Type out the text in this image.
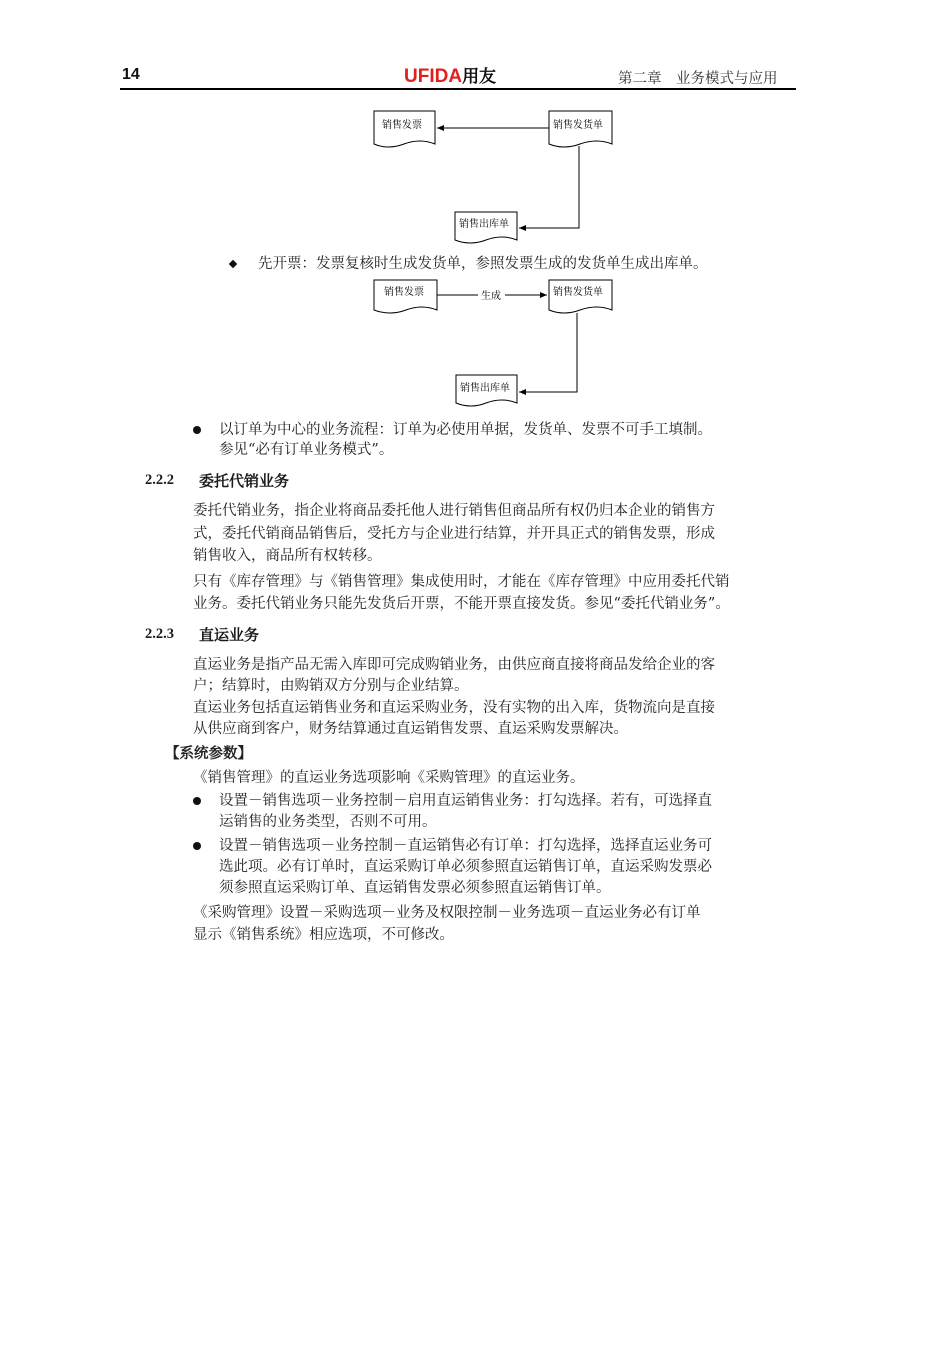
14	UFIDA用友	第二章　业务模式与应用
销售发票	销售发货单
销售出库单
先开票：发票复核时生成发货单，参照发票生成的发货单生成出库单。
销售发票	销售发货单
销售出库单
生成
以订单为中心的业务流程：订单为必使用单据，发货单、发票不可手工填制。
参见“必有订单业务模式”。
2.2.2 委托代销业务
委托代销业务，指企业将商品委托他人进行销售但商品所有权仍归本企业的销售方
式，委托代销商品销售后，受托方与企业进行结算，并开具正式的销售发票，形成
销售收入，商品所有权转移。
只有《库存管理》与《销售管理》集成使用时，才能在《库存管理》中应用委托代销
业务。委托代销业务只能先发货后开票，不能开票直接发货。参见“委托代销业务”。
2.2.3 直运业务
直运业务是指产品无需入库即可完成购销业务，由供应商直接将商品发给企业的客
户；结算时，由购销双方分别与企业结算。
直运业务包括直运销售业务和直运采购业务，没有实物的出入库，货物流向是直接
从供应商到客户，财务结算通过直运销售发票、直运采购发票解决。
【系统参数】
《销售管理》的直运业务选项影响《采购管理》的直运业务。
设置－销售选项－业务控制－启用直运销售业务：打勾选择。若有，可选择直
运销售的业务类型，否则不可用。
设置－销售选项－业务控制－直运销售必有订单：打勾选择，选择直运业务可
选此项。必有订单时，直运采购订单必须参照直运销售订单，直运采购发票必
须参照直运采购订单、直运销售发票必须参照直运销售订单。
《采购管理》设置－采购选项－业务及权限控制－业务选项－直运业务必有订单
显示《销售系统》相应选项，不可修改。
